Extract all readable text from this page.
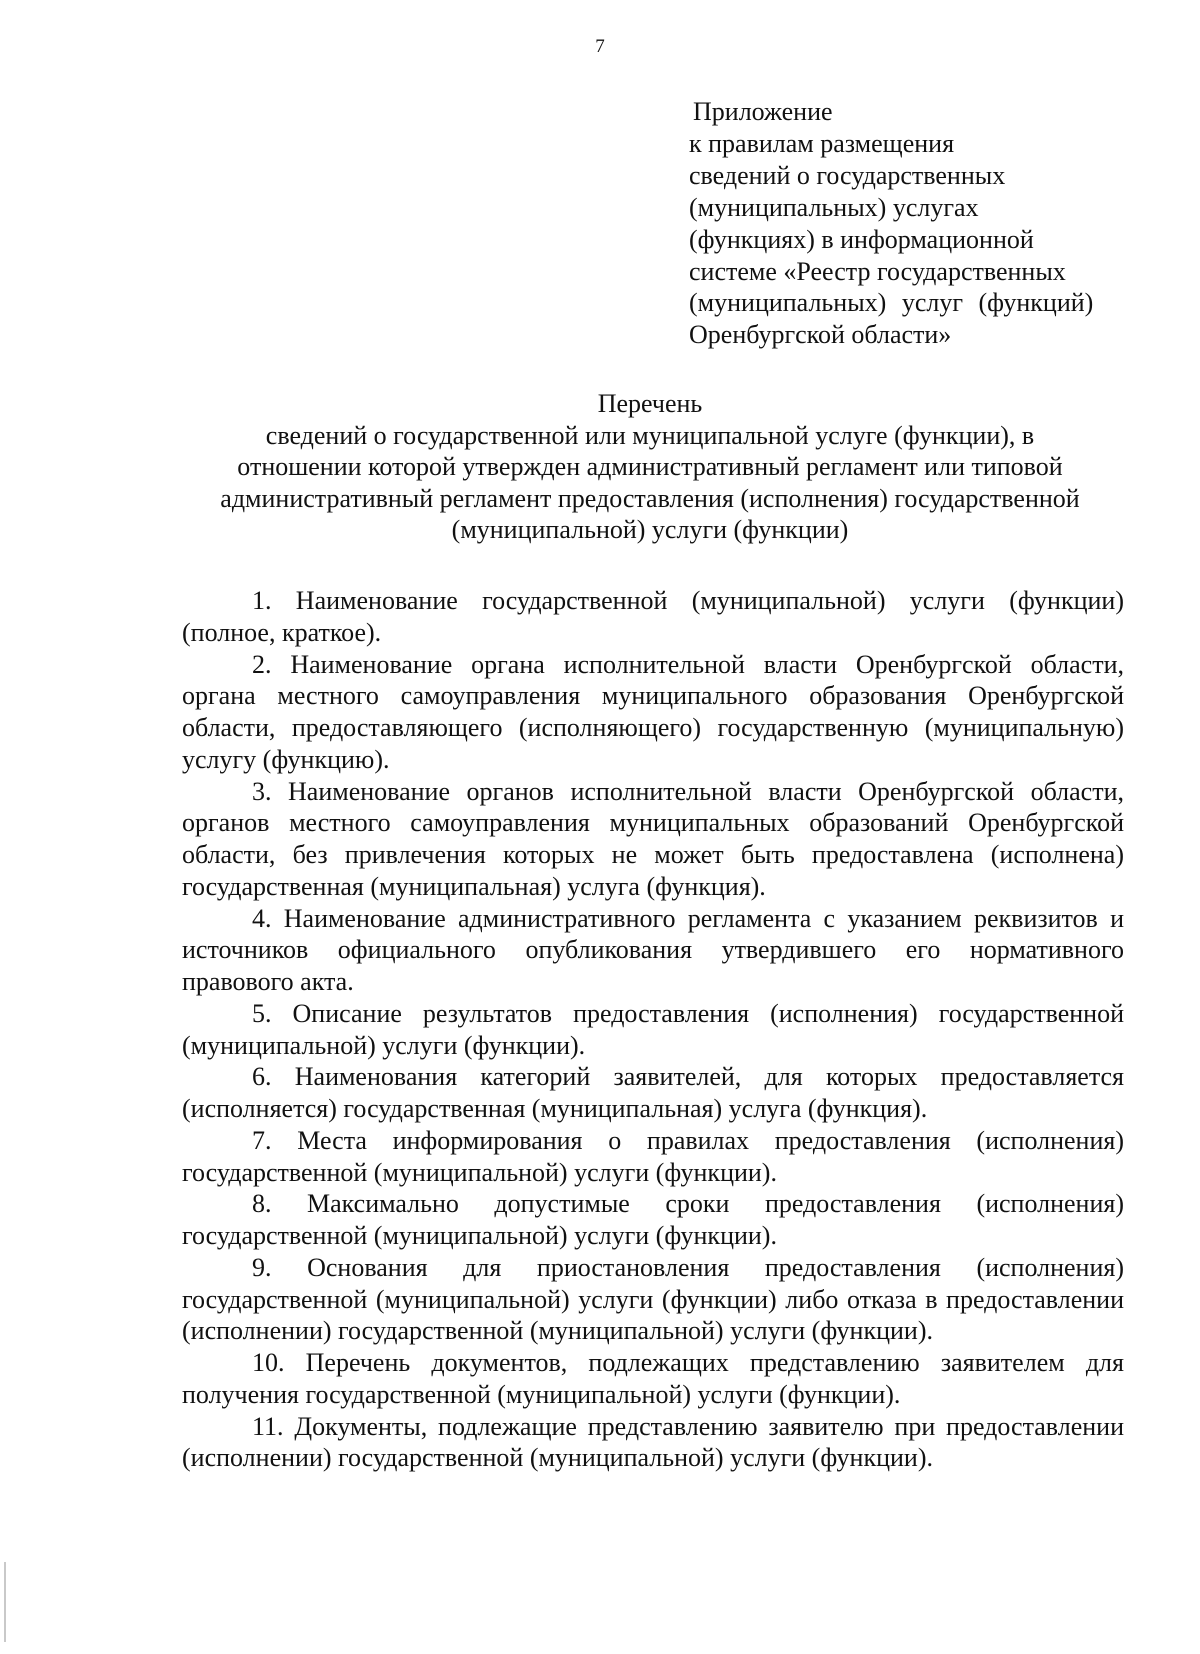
7
Приложение
к правилам размещения
сведений о государственных
(муниципальных) услугах
(функциях) в информационной
системе «Реестр государственных
(муниципальных) услуг (функций)
Оренбургской области»
Перечень
сведений о государственной или муниципальной услуге (функции), в
отношении которой утвержден административный регламент или типовой
административный регламент предоставления (исполнения) государственной
(муниципальной) услуги (функции)

1. Наименование государственной (муниципальной) услуги (функции) (полное, краткое).

2. Наименование органа исполнительной власти Оренбургской области, органа местного самоуправления муниципального образования Оренбургской области, предоставляющего (исполняющего) государственную (муниципальную) услугу (функцию).

3. Наименование органов исполнительной власти Оренбургской области, органов местного самоуправления муниципальных образований Оренбургской области, без привлечения которых не может быть предоставлена (исполнена) государственная (муниципальная) услуга (функция).

4. Наименование административного регламента с указанием реквизитов и источников официального опубликования утвердившего его нормативного правового акта.

5. Описание результатов предоставления (исполнения) государственной (муниципальной) услуги (функции).

6. Наименования категорий заявителей, для которых предоставляется (исполняется) государственная (муниципальная) услуга (функция).

7. Места информирования о правилах предоставления (исполнения) государственной (муниципальной) услуги (функции).

8. Максимально допустимые сроки предоставления (исполнения) государственной (муниципальной) услуги (функции).

9. Основания для приостановления предоставления (исполнения) государственной (муниципальной) услуги (функции) либо отказа в предоставлении (исполнении) государственной (муниципальной) услуги (функции).

10. Перечень документов, подлежащих представлению заявителем для получения государственной (муниципальной) услуги (функции).

11. Документы, подлежащие представлению заявителю при предоставлении (исполнении) государственной (муниципальной) услуги (функции).
